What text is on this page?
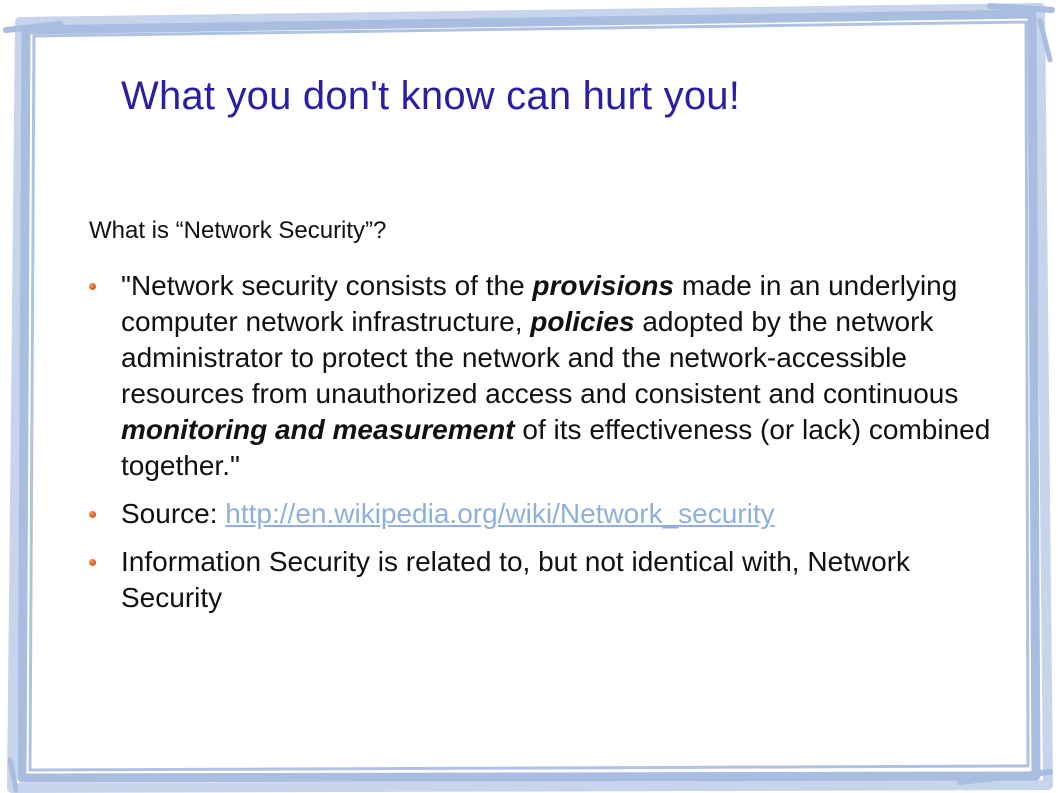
What you don't know can hurt you!

What is “Network Security”?

"Network security consists of the provisions made in an underlying computer network infrastructure, policies adopted by the network administrator to protect the network and the network-accessible resources from unauthorized access and consistent and continuous monitoring and measurement of its effectiveness (or lack) combined together."
Source: http://en.wikipedia.org/wiki/Network_security
Information Security is related to, but not identical with, Network Security
